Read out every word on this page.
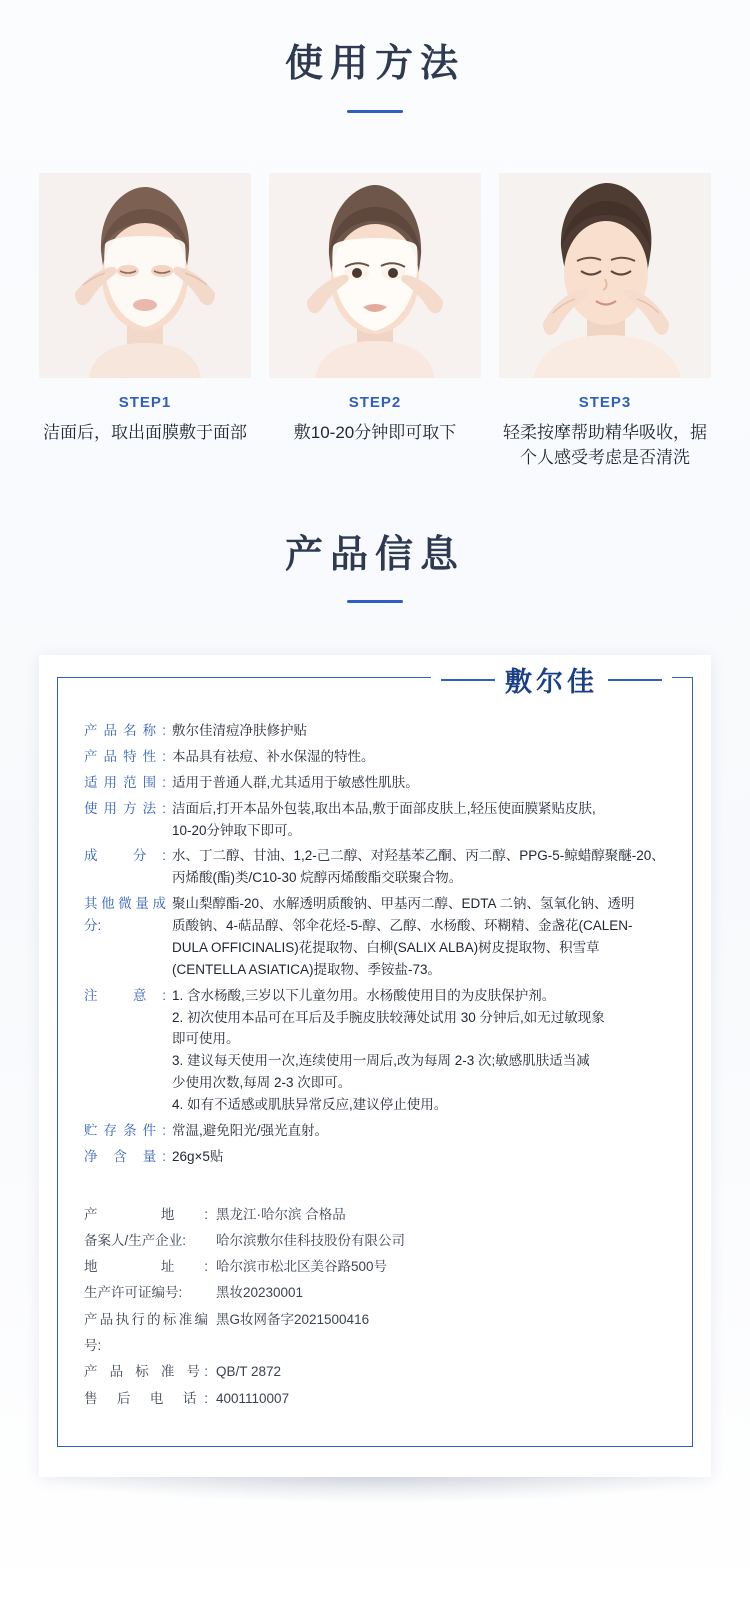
使用方法
STEP1
洁面后，取出面膜敷于面部
STEP2
敷10-20分钟即可取下
STEP3
轻柔按摩帮助精华吸收，据个人感受考虑是否清洗
产品信息
敷尔佳
产品名称: 敷尔佳清痘净肤修护贴
产品特性: 本品具有祛痘、补水保湿的特性。
适用范围: 适用于普通人群,尤其适用于敏感性肌肤。
使用方法: 洁面后,打开本品外包装,取出本品,敷于面部皮肤上,轻压使面膜紧贴皮肤,
10-20分钟取下即可。
成 分: 水、丁二醇、甘油、1,2-己二醇、对羟基苯乙酮、丙二醇、PPG-5-鲸蜡醇聚醚-20、
丙烯酸(酯)类/C10-30 烷醇丙烯酸酯交联聚合物。
其他微量成分:
聚山梨醇酯-20、水解透明质酸钠、甲基丙二醇、EDTA 二钠、氢氧化钠、透明
质酸钠、4-萜品醇、邻伞花烃-5-醇、乙醇、水杨酸、环糊精、金盏花(CALEN-
DULA OFFICINALIS)花提取物、白柳(SALIX ALBA)树皮提取物、积雪草
(CENTELLA ASIATICA)提取物、季铵盐-73。
注 意: 1. 含水杨酸,三岁以下儿童勿用。水杨酸使用目的为皮肤保护剂。
2. 初次使用本品可在耳后及手腕皮肤较薄处试用 30 分钟后,如无过敏现象
即可使用。
3. 建议每天使用一次,连续使用一周后,改为每周 2-3 次;敏感肌肤适当减
少使用次数,每周 2-3 次即可。
4. 如有不适感或肌肤异常反应,建议停止使用。
贮存条件: 常温,避免阳光/强光直射。
净 含 量: 26g×5贴
产 地: 黑龙江·哈尔滨 合格品
备案人/生产企业:	哈尔滨敷尔佳科技股份有限公司
地 址: 哈尔滨市松北区美谷路500号
生产许可证编号:	黑妆20230001
产品执行的标准编号:
黑G妆网备字2021500416
产 品 标 准 号: QB/T 2872
售 后 电 话: 4001110007
